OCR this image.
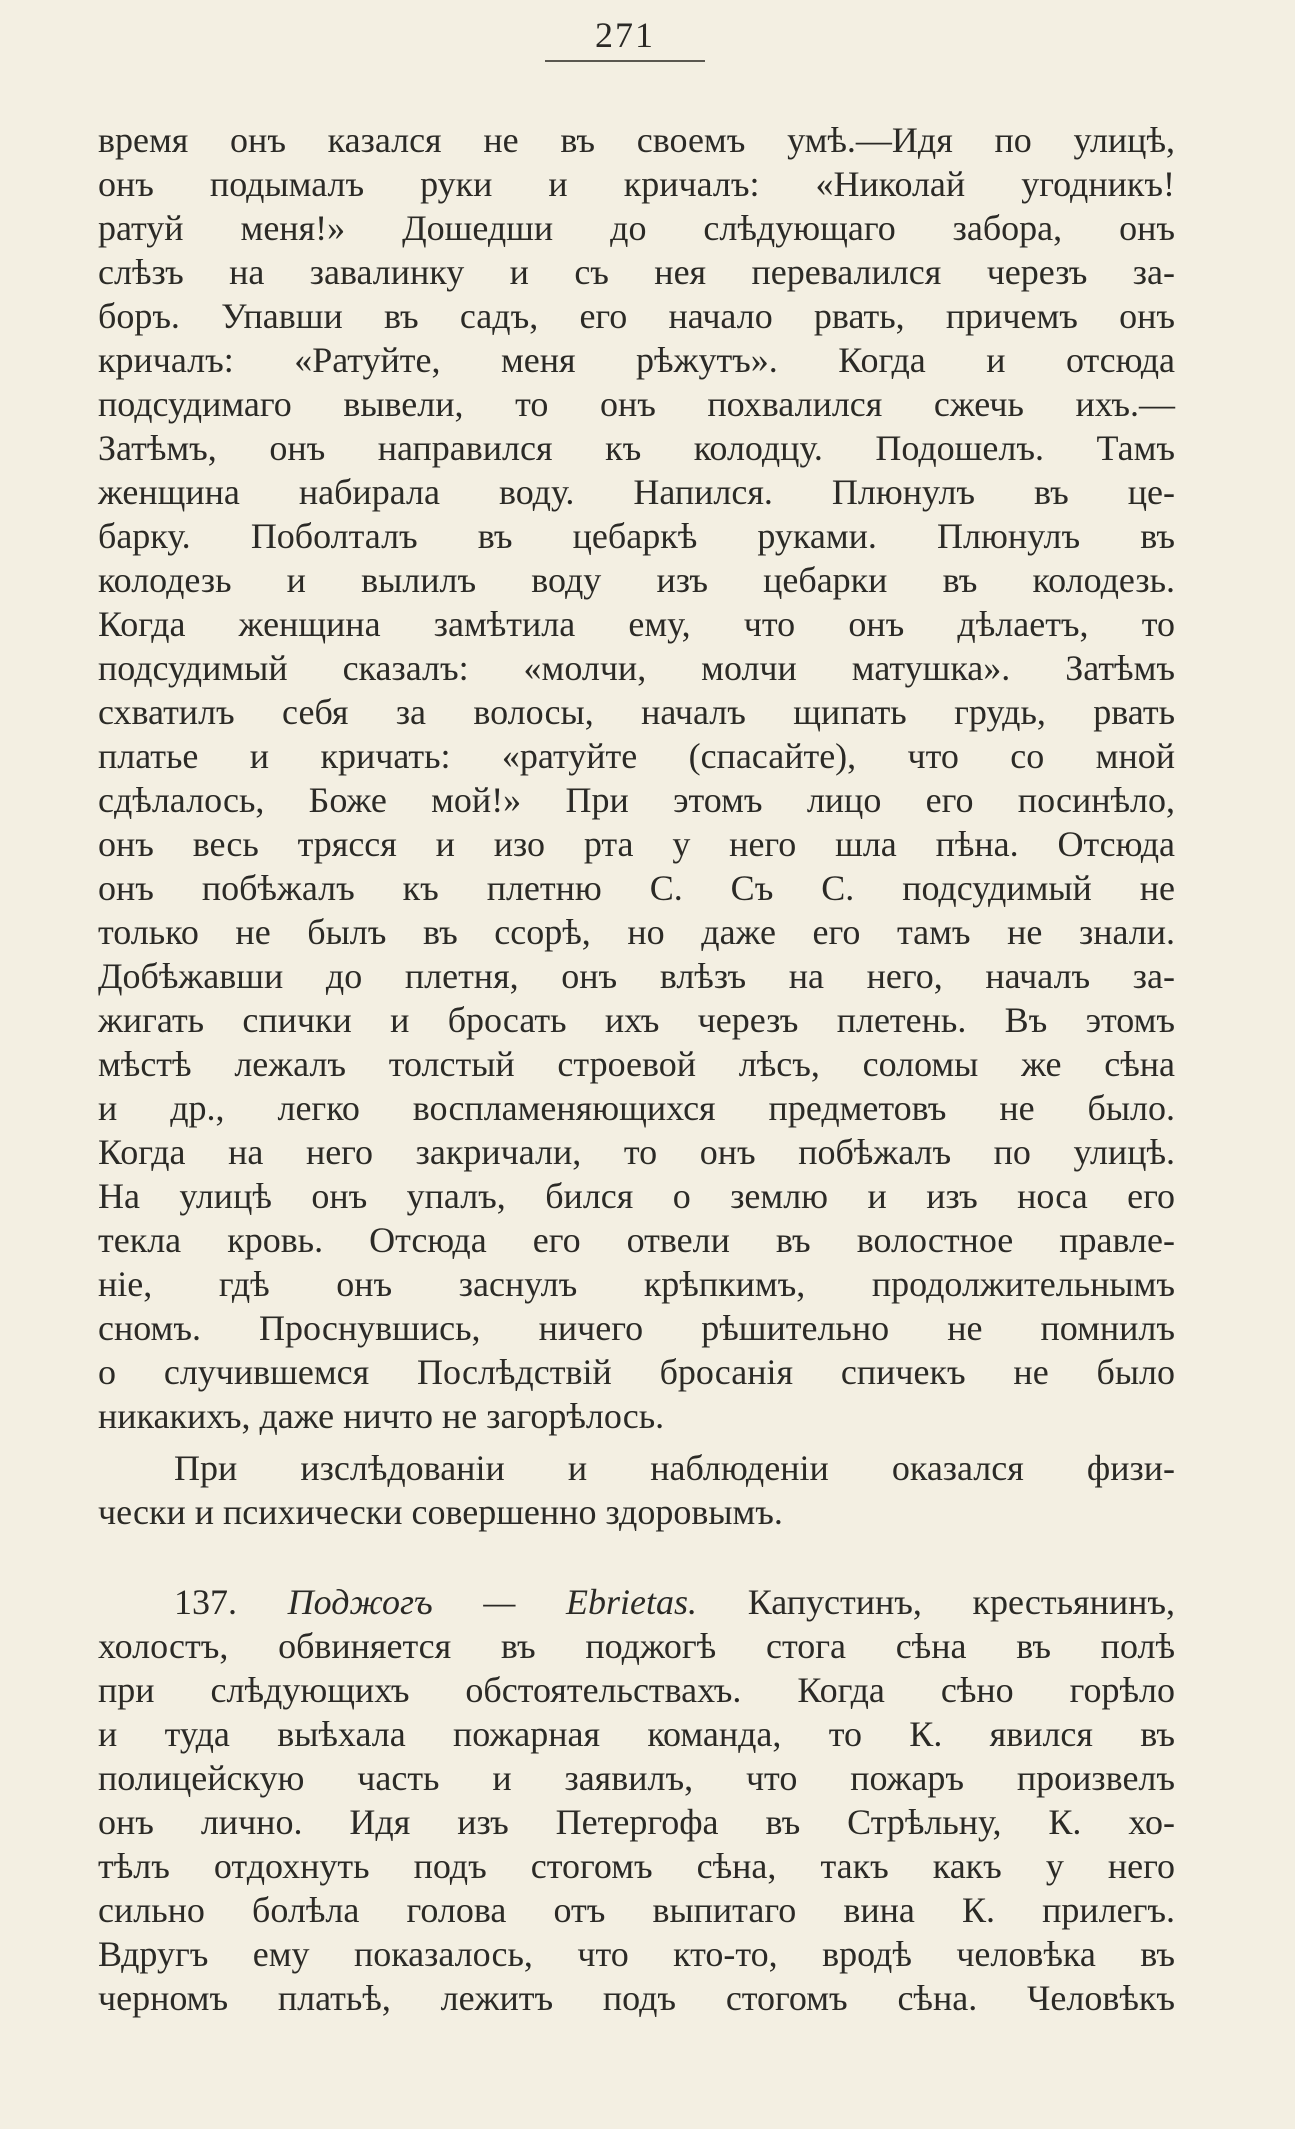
271
время онъ казался не въ своемъ умѣ.—Идя по улицѣ,
онъ подымалъ руки и кричалъ: «Николай угодникъ!
ратуй меня!» Дошедши до слѣдующаго забора, онъ
слѣзъ на завалинку и съ нея перевалился черезъ за-
боръ. Упавши въ садъ, его начало рвать, причемъ онъ
кричалъ: «Ратуйте, меня рѣжутъ». Когда и отсюда
подсудимаго вывели, то онъ похвалился сжечь ихъ.—
Затѣмъ, онъ направился къ колодцу. Подошелъ. Тамъ
женщина набирала воду. Напился. Плюнулъ въ це-
барку. Поболталъ въ цебаркѣ руками. Плюнулъ въ
колодезь и вылилъ воду изъ цебарки въ колодезь.
Когда женщина замѣтила ему, что онъ дѣлаетъ, то
подсудимый сказалъ: «молчи, молчи матушка». Затѣмъ
схватилъ себя за волосы, началъ щипать грудь, рвать
платье и кричать: «ратуйте (спасайте), что со мной
сдѣлалось, Боже мой!» При этомъ лицо его посинѣло,
онъ весь трясся и изо рта у него шла пѣна. Отсюда
онъ побѣжалъ къ плетню С. Съ С. подсудимый не
только не былъ въ ссорѣ, но даже его тамъ не знали.
Добѣжавши до плетня, онъ влѣзъ на него, началъ за-
жигать спички и бросать ихъ черезъ плетень. Въ этомъ
мѣстѣ лежалъ толстый строевой лѣсъ, соломы же сѣна
и др., легко воспламеняющихся предметовъ не было.
Когда на него закричали, то онъ побѣжалъ по улицѣ.
На улицѣ онъ упалъ, бился о землю и изъ носа его
текла кровь. Отсюда его отвели въ волостное правле-
нiе, гдѣ онъ заснулъ крѣпкимъ, продолжительнымъ
сномъ. Проснувшись, ничего рѣшительно не помнилъ
о случившемся Послѣдствiй бросанiя спичекъ не было
никакихъ, даже ничто не загорѣлось.
При изслѣдованiи и наблюденiи оказался физи-
чески и психически совершенно здоровымъ.
137. Поджогъ — Ebrietas. Капустинъ, крестьянинъ,
холостъ, обвиняется въ поджогѣ стога сѣна въ полѣ
при слѣдующихъ обстоятельствахъ. Когда сѣно горѣло
и туда выѣхала пожарная команда, то К. явился въ
полицейскую часть и заявилъ, что пожаръ произвелъ
онъ лично. Идя изъ Петергофа въ Стрѣльну, К. хо-
тѣлъ отдохнуть подъ стогомъ сѣна, такъ какъ у него
сильно болѣла голова отъ выпитаго вина К. прилегъ.
Вдругъ ему показалось, что кто-то, вродѣ человѣка въ
черномъ платьѣ, лежитъ подъ стогомъ сѣна. Человѣкъ
